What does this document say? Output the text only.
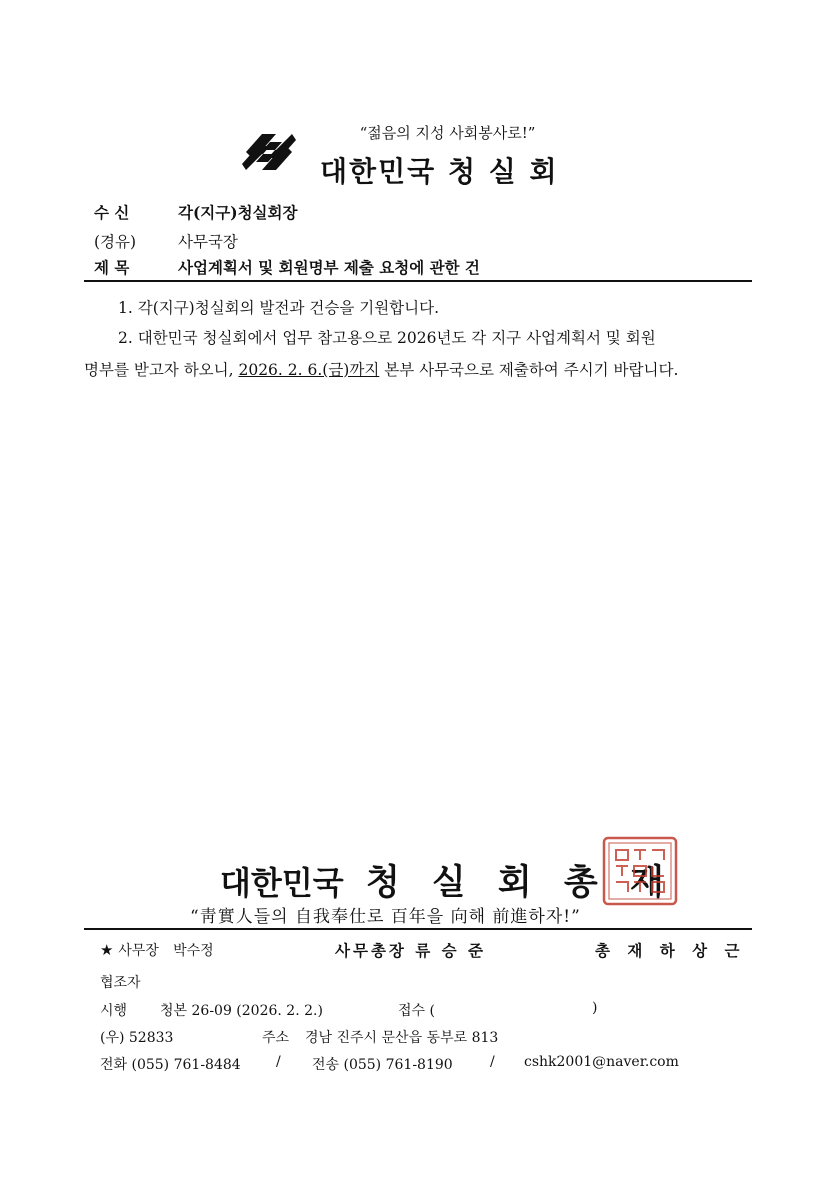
“젊음의 지성 사회봉사로!”
대한민국 청 실 회
수 신	각(지구)청실회장
(경유)	사무국장
제 목	사업계획서 및 회원명부 제출 요청에 관한 건
1. 각(지구)청실회의 발전과 건승을 기원합니다.
2. 대한민국 청실회에서 업무 참고용으로 2026년도 각 지구 사업계획서 및 회원
명부를 받고자 하오니, 2026. 2. 6.(금)까지 본부 사무국으로 제출하여 주시기 바랍니다.
대한민국 청 실 회 총 재
“靑實人들의 自我奉仕로 百年을 向해 前進하자!”
★ 사무장 박수정	사무총장 류 승 준	총 재 하 상 근
협조자
시행 청본 26-09 (2026. 2. 2.)	접수 (	)
(우) 52833	주소 경남 진주시 문산읍 동부로 813
전화 (055) 761-8484	/ 전송 (055) 761-8190	/ cshk2001@naver.com
